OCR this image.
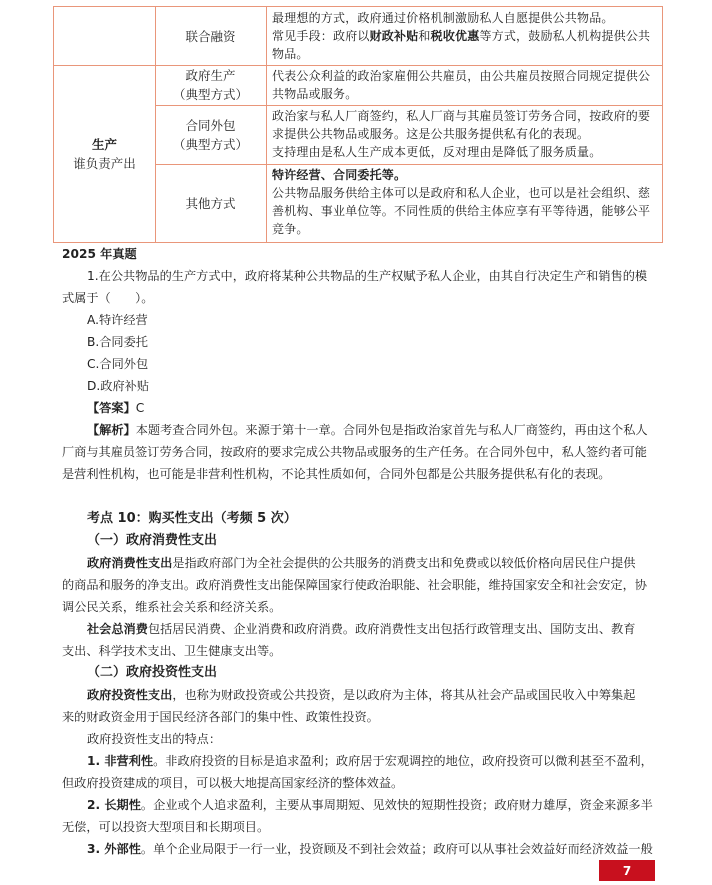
生产
谁负责产出
联合融资
政府生产
（典型方式）
合同外包
（典型方式）
其他方式

最理想的方式，政府通过价格机制激励私人自愿提供公共物品。

常见手段：政府以财政补贴和税收优惠等方式，鼓励私人机构提供公共

物品。

代表公众利益的政治家雇佣公共雇员，由公共雇员按照合同规定提供公

共物品或服务。

政治家与私人厂商签约，私人厂商与其雇员签订劳务合同，按政府的要

求提供公共物品或服务。这是公共服务提供私有化的表现。

支持理由是私人生产成本更低，反对理由是降低了服务质量。

特许经营、合同委托等。

公共物品服务供给主体可以是政府和私人企业，也可以是社会组织、慈

善机构、事业单位等。不同性质的供给主体应享有平等待遇，能够公平

竞争。

2025 年真题

1.在公共物品的生产方式中，政府将某种公共物品的生产权赋予私人企业，由其自行决定生产和销售的模

式属于（　　）。

A.特许经营

B.合同委托

C.合同外包

D.政府补贴

【答案】C

【解析】本题考查合同外包。来源于第十一章。合同外包是指政治家首先与私人厂商签约，再由这个私人

厂商与其雇员签订劳务合同，按政府的要求完成公共物品或服务的生产任务。在合同外包中，私人签约者可能

是营利性机构，也可能是非营利性机构，不论其性质如何，合同外包都是公共服务提供私有化的表现。

考点 10：购买性支出（考频 5 次）

（一）政府消费性支出

政府消费性支出是指政府部门为全社会提供的公共服务的消费支出和免费或以较低价格向居民住户提供

的商品和服务的净支出。政府消费性支出能保障国家行使政治职能、社会职能，维持国家安全和社会安定，协

调公民关系，维系社会关系和经济关系。

社会总消费包括居民消费、企业消费和政府消费。政府消费性支出包括行政管理支出、国防支出、教育

支出、科学技术支出、卫生健康支出等。

（二）政府投资性支出

政府投资性支出，也称为财政投资或公共投资，是以政府为主体，将其从社会产品或国民收入中筹集起

来的财政资金用于国民经济各部门的集中性、政策性投资。

政府投资性支出的特点：

1. 非营利性。非政府投资的目标是追求盈利；政府居于宏观调控的地位，政府投资可以微利甚至不盈利，

但政府投资建成的项目，可以极大地提高国家经济的整体效益。

2. 长期性。企业或个人追求盈利，主要从事周期短、见效快的短期性投资；政府财力雄厚，资金来源多半

无偿，可以投资大型项目和长期项目。

3. 外部性。单个企业局限于一行一业，投资顾及不到社会效益；政府可以从事社会效益好而经济效益一般

7
